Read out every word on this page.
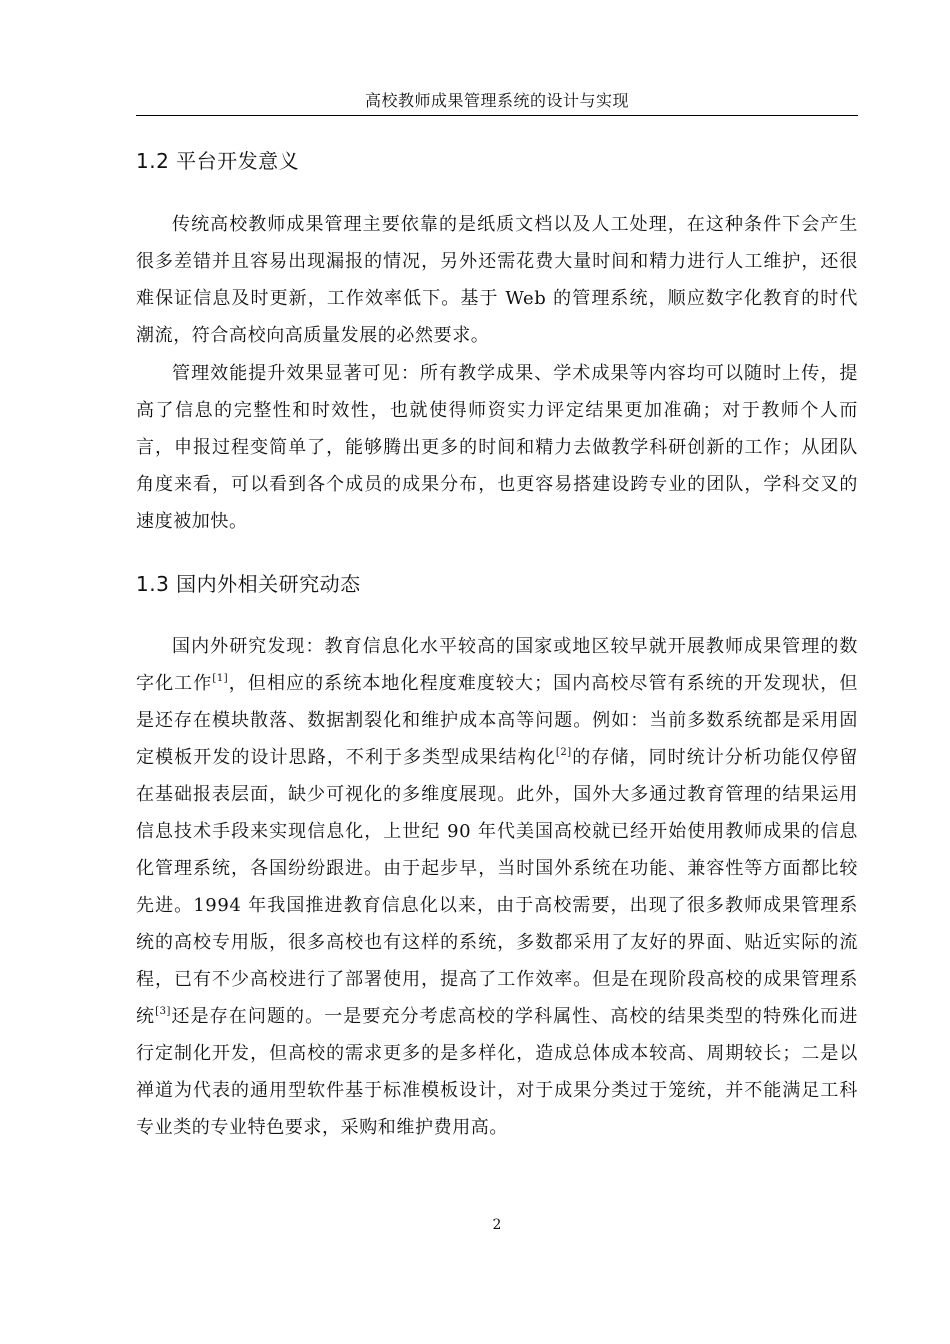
高校教师成果管理系统的设计与实现
1.2 平台开发意义

传统高校教师成果管理主要依靠的是纸质文档以及人工处理，在这种条件下会产生很多差错并且容易出现漏报的情况，另外还需花费大量时间和精力进行人工维护，还很难保证信息及时更新，工作效率低下。基于 Web 的管理系统，顺应数字化教育的时代潮流，符合高校向高质量发展的必然要求。

管理效能提升效果显著可见：所有教学成果、学术成果等内容均可以随时上传，提高了信息的完整性和时效性，也就使得师资实力评定结果更加准确；对于教师个人而言，申报过程变简单了，能够腾出更多的时间和精力去做教学科研创新的工作；从团队角度来看，可以看到各个成员的成果分布，也更容易搭建设跨专业的团队，学科交叉的速度被加快。

1.3 国内外相关研究动态

国内外研究发现：教育信息化水平较高的国家或地区较早就开展教师成果管理的数字化工作[1]，但相应的系统本地化程度难度较大；国内高校尽管有系统的开发现状，但是还存在模块散落、数据割裂化和维护成本高等问题。例如：当前多数系统都是采用固定模板开发的设计思路，不利于多类型成果结构化[2]的存储，同时统计分析功能仅停留在基础报表层面，缺少可视化的多维度展现。此外，国外大多通过教育管理的结果运用信息技术手段来实现信息化，上世纪 90 年代美国高校就已经开始使用教师成果的信息化管理系统，各国纷纷跟进。由于起步早，当时国外系统在功能、兼容性等方面都比较先进。1994 年我国推进教育信息化以来，由于高校需要，出现了很多教师成果管理系统的高校专用版，很多高校也有这样的系统，多数都采用了友好的界面、贴近实际的流程，已有不少高校进行了部署使用，提高了工作效率。但是在现阶段高校的成果管理系统[3]还是存在问题的。一是要充分考虑高校的学科属性、高校的结果类型的特殊化而进行定制化开发，但高校的需求更多的是多样化，造成总体成本较高、周期较长；二是以禅道为代表的通用型软件基于标准模板设计，对于成果分类过于笼统，并不能满足工科专业类的专业特色要求，采购和维护费用高。

2
